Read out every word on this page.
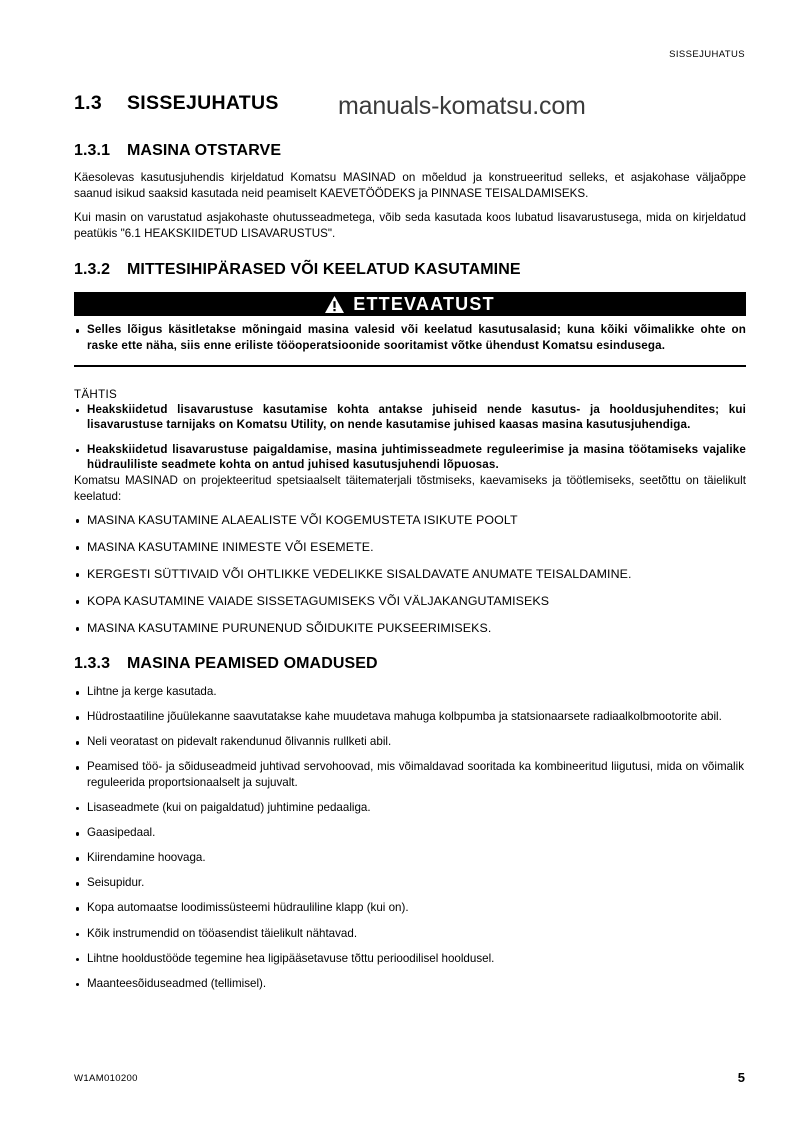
SISSEJUHATUS
manuals-komatsu.com
1.3	SISSEJUHATUS
1.3.1	MASINA OTSTARVE

Käesolevas kasutusjuhendis kirjeldatud Komatsu MASINAD on mõeldud ja konstrueeritud selleks, et asjakohase väljaõppe saanud isikud saaksid kasutada neid peamiselt KAEVETÖÖDEKS ja PINNASE TEISALDAMISEKS.

Kui masin on varustatud asjakohaste ohutusseadmetega, võib seda kasutada koos lubatud lisavarustusega, mida on kirjeldatud peatükis "6.1 HEAKSKIIDETUD LISAVARUSTUS".

1.3.2	MITTESIHIPÄRASED VÕI KEELATUD KASUTAMINE
ETTEVAATUST
Selles lõigus käsitletakse mõningaid masina valesid või keelatud kasutusalasid; kuna kõiki võimalikke ohte on raske ette näha, siis enne eriliste tööoperatsioonide sooritamist võtke ühendust Komatsu esindusega.
TÄHTIS
Heakskiidetud lisavarustuse kasutamise kohta antakse juhiseid nende kasutus- ja hooldusjuhendites; kui lisavarustuse tarnijaks on Komatsu Utility, on nende kasutamise juhised kaasas masina kasutusjuhendiga.
Heakskiidetud lisavarustuse paigaldamise, masina juhtimisseadmete reguleerimise ja masina töötamiseks vajalike hüdrauliliste seadmete kohta on antud juhised kasutusjuhendi lõpuosas.

Komatsu MASINAD on projekteeritud spetsiaalselt täitematerjali tõstmiseks, kaevamiseks ja töötlemiseks, seetõttu on täielikult keelatud:

MASINA KASUTAMINE ALAEALISTE VÕI KOGEMUSTETA ISIKUTE POOLT
MASINA KASUTAMINE INIMESTE VÕI ESEMETE.
KERGESTI SÜTTIVAID VÕI OHTLIKKE VEDELIKKE SISALDAVATE ANUMATE TEISALDAMINE.
KOPA KASUTAMINE VAIADE SISSETAGUMISEKS VÕI VÄLJAKANGUTAMISEKS
MASINA KASUTAMINE PURUNENUD SÕIDUKITE PUKSEERIMISEKS.
1.3.3	MASINA PEAMISED OMADUSED
Lihtne ja kerge kasutada.
Hüdrostaatiline jõuülekanne saavutatakse kahe muudetava mahuga kolbpumba ja statsionaarsete radiaalkolbmootorite abil.
Neli veoratast on pidevalt rakendunud õlivannis rullketi abil.
Peamised töö- ja sõiduseadmeid juhtivad servohoovad, mis võimaldavad sooritada ka kombineeritud liigutusi, mida on võimalik reguleerida proportsionaalselt ja sujuvalt.
Lisaseadmete (kui on paigaldatud) juhtimine pedaaliga.
Gaasipedaal.
Kiirendamine hoovaga.
Seisupidur.
Kopa automaatse loodimissüsteemi hüdrauliline klapp (kui on).
Kõik instrumendid on tööasendist täielikult nähtavad.
Lihtne hooldustööde tegemine hea ligipääsetavuse tõttu perioodilisel hooldusel.
Maanteesõiduseadmed (tellimisel).
W1AM010200	5
